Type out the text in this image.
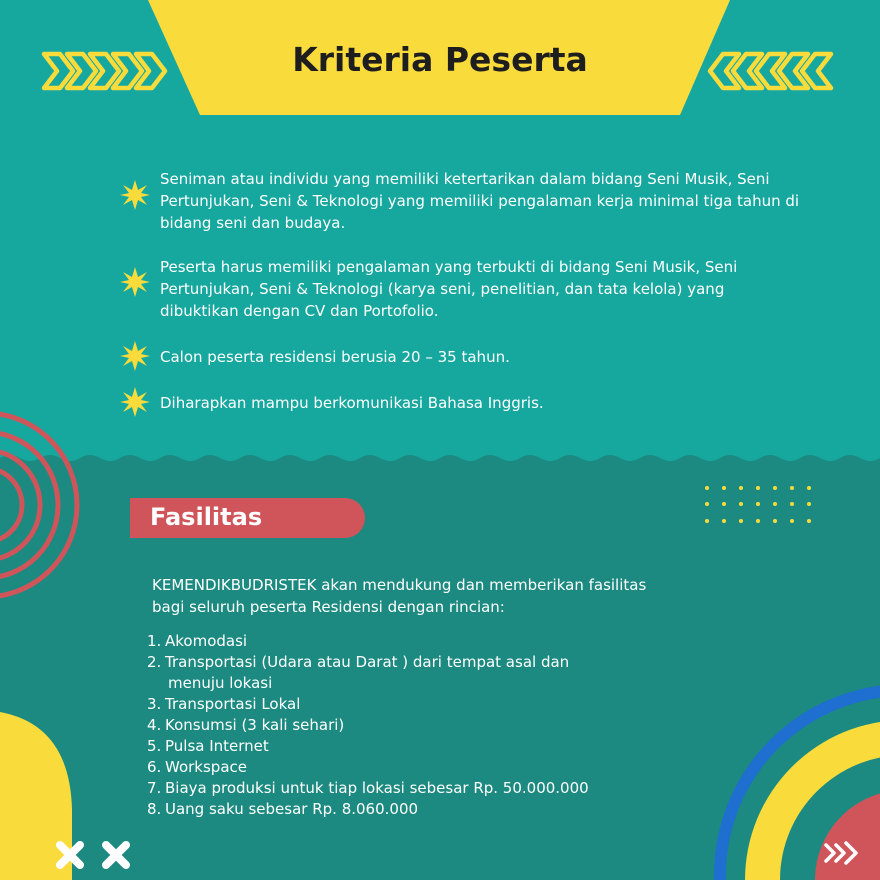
Kriteria Peserta
Seniman atau individu yang memiliki ketertarikan dalam bidang Seni Musik, Seni Pertunjukan, Seni & Teknologi yang memiliki pengalaman kerja minimal tiga tahun di bidang seni dan budaya.
Peserta harus memiliki pengalaman yang terbukti di bidang Seni Musik, Seni Pertunjukan, Seni & Teknologi (karya seni, penelitian, dan tata kelola) yang dibuktikan dengan CV dan Portofolio.
Calon peserta residensi berusia 20 – 35 tahun.
Diharapkan mampu berkomunikasi Bahasa Inggris.
Fasilitas
KEMENDIKBUDRISTEK akan mendukung dan memberikan fasilitas bagi seluruh peserta Residensi dengan rincian:
1. Akomodasi
2. Transportasi (Udara atau Darat ) dari tempat asal dan
menuju lokasi
3. Transportasi Lokal
4. Konsumsi (3 kali sehari)
5. Pulsa Internet
6. Workspace
7. Biaya produksi untuk tiap lokasi sebesar Rp. 50.000.000
8. Uang saku sebesar Rp. 8.060.000
